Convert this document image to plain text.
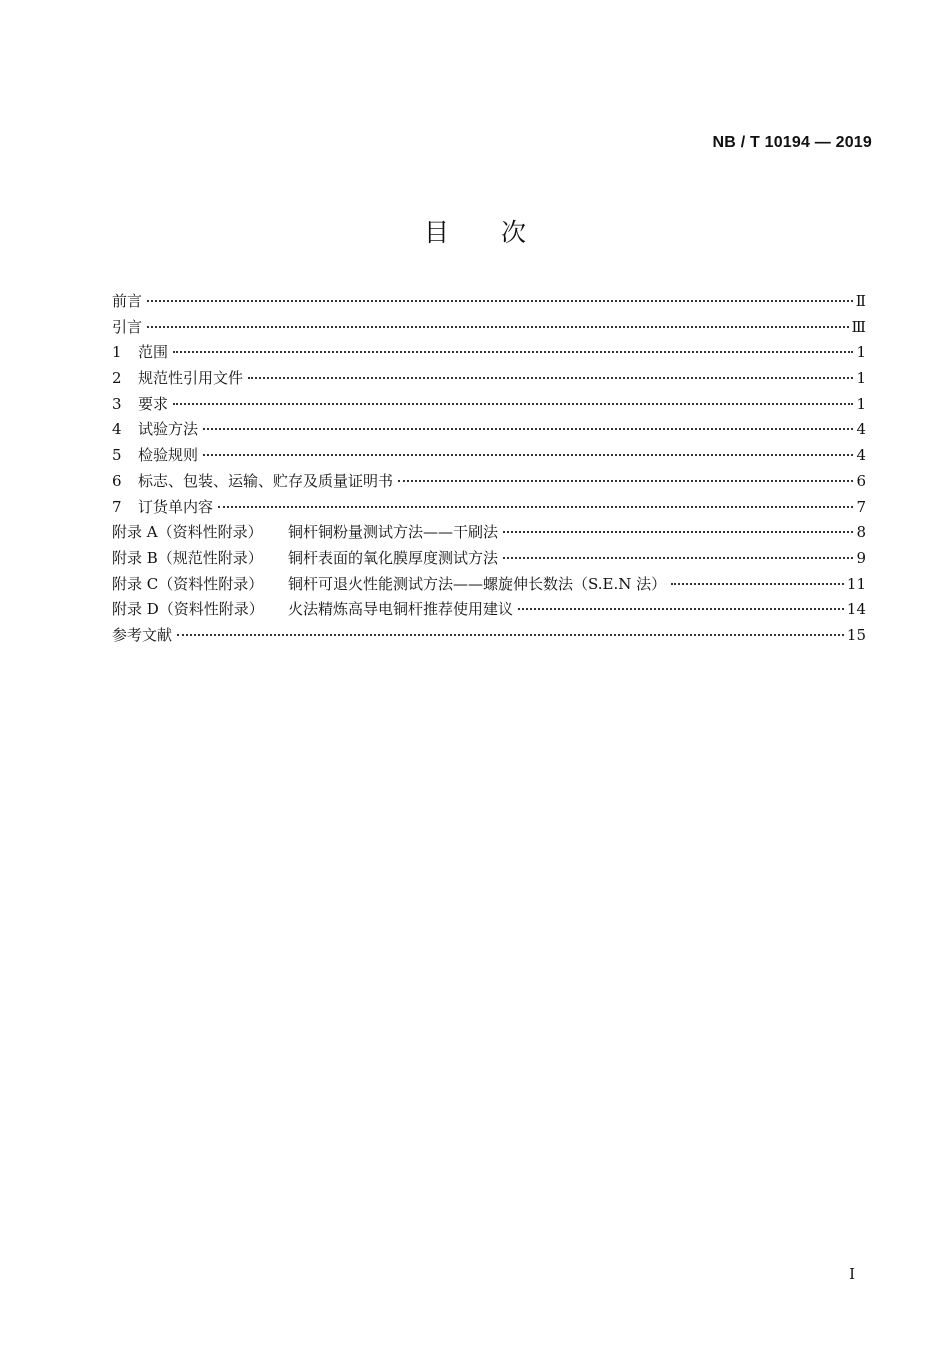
NB / T 10194 — 2019
目次
前言	Ⅱ
引言	Ⅲ
1	范围	1
2	规范性引用文件	1
3	要求	1
4	试验方法	4
5	检验规则	4
6	标志、包装、运输、贮存及质量证明书	6
7	订货单内容	7
附录 A（资料性附录） 铜杆铜粉量测试方法——干刷法	8
附录 B（规范性附录） 铜杆表面的氧化膜厚度测试方法	9
附录 C（资料性附录） 铜杆可退火性能测试方法——螺旋伸长数法（S.E.N 法）	11
附录 D（资料性附录） 火法精炼高导电铜杆推荐使用建议	14
参考文献	15
I
